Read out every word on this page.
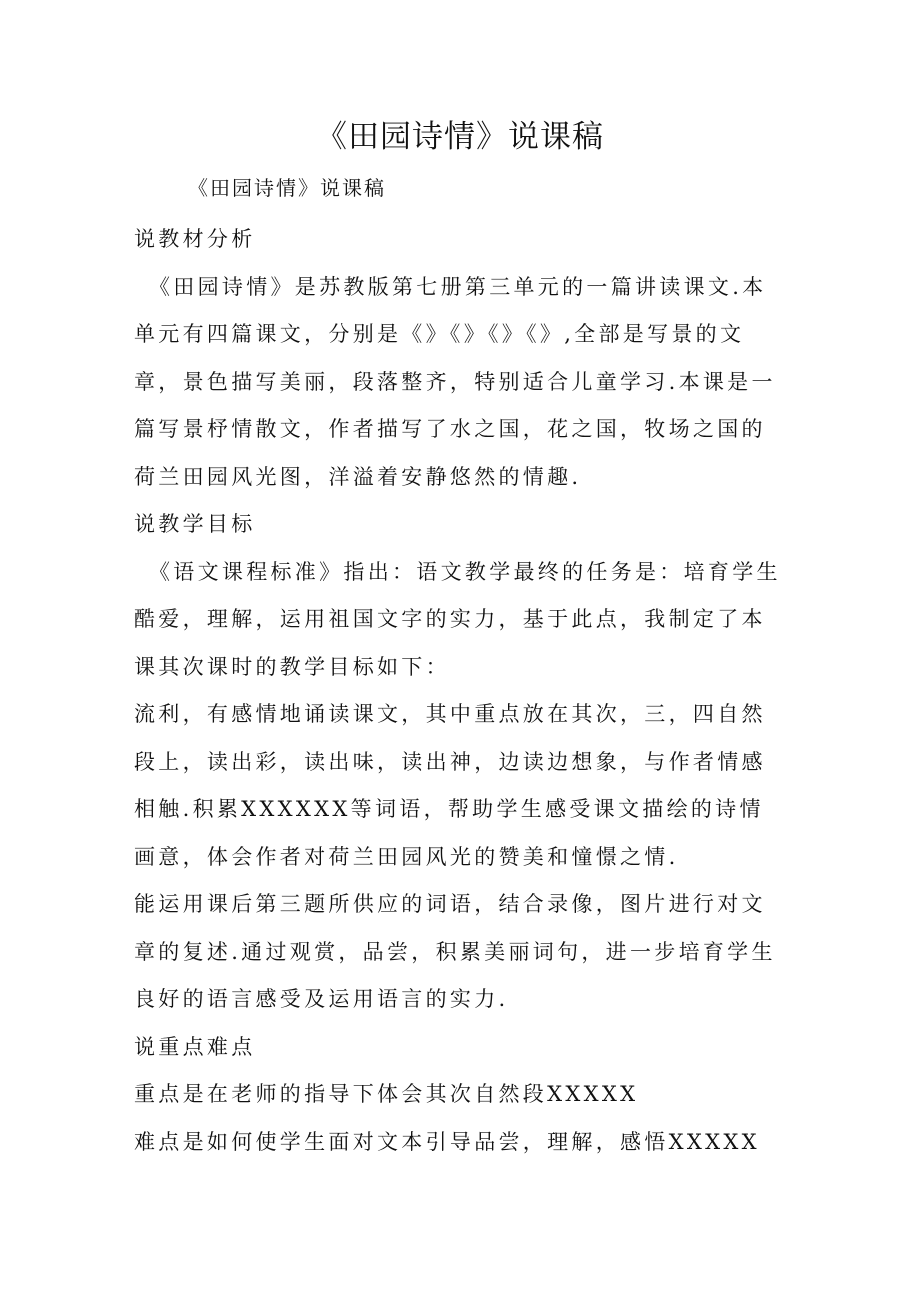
《田园诗情》说课稿
《田园诗情》说课稿

说教材分析

《田园诗情》是苏教版第七册第三单元的一篇讲读课文.本单元有四篇课文，分别是《》《》《》《》,全部是写景的文章，景色描写美丽，段落整齐，特别适合儿童学习.本课是一篇写景杼情散文，作者描写了水之国，花之国，牧场之国的荷兰田园风光图，洋溢着安静悠然的情趣.

说教学目标

《语文课程标准》指出：语文教学最终的任务是：培育学生酷爱，理解，运用祖国文字的实力，基于此点，我制定了本课其次课时的教学目标如下：

流利，有感情地诵读课文，其中重点放在其次，三，四自然段上，读出彩，读出味，读出神，边读边想象，与作者情感相触.积累XXXXXX等词语，帮助学生感受课文描绘的诗情画意，体会作者对荷兰田园风光的赞美和憧憬之情.

能运用课后第三题所供应的词语，结合录像，图片进行对文章的复述.通过观赏，品尝，积累美丽词句，进一步培育学生良好的语言感受及运用语言的实力.

说重点难点

重点是在老师的指导下体会其次自然段XXXXX

难点是如何使学生面对文本引导品尝，理解，感悟XXXXX
